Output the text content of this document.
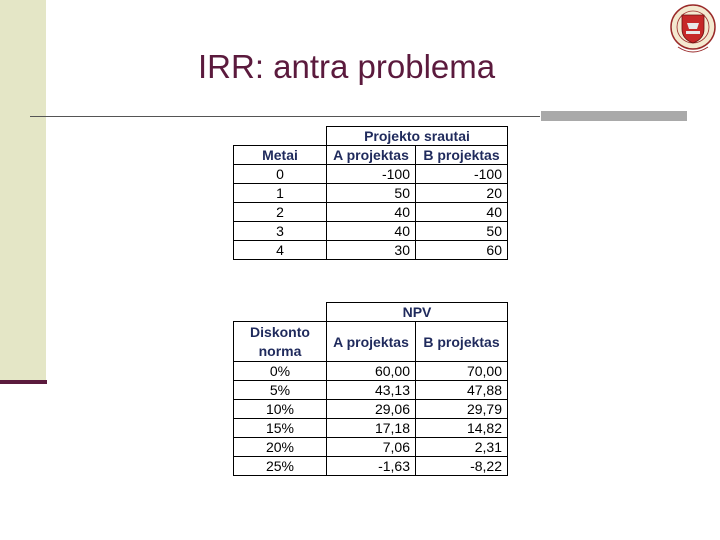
IRR: antra problema
	Projekto srautai	
Metai	A projektas	B projektas
0	-100	-100
1	50	20
2	40	40
3	40	50
4	30	60
	NPV	
Diskonto norma	A projektas	B projektas
0%	60,00	70,00
5%	43,13	47,88
10%	29,06	29,79
15%	17,18	14,82
20%	7,06	2,31
25%	-1,63	-8,22
